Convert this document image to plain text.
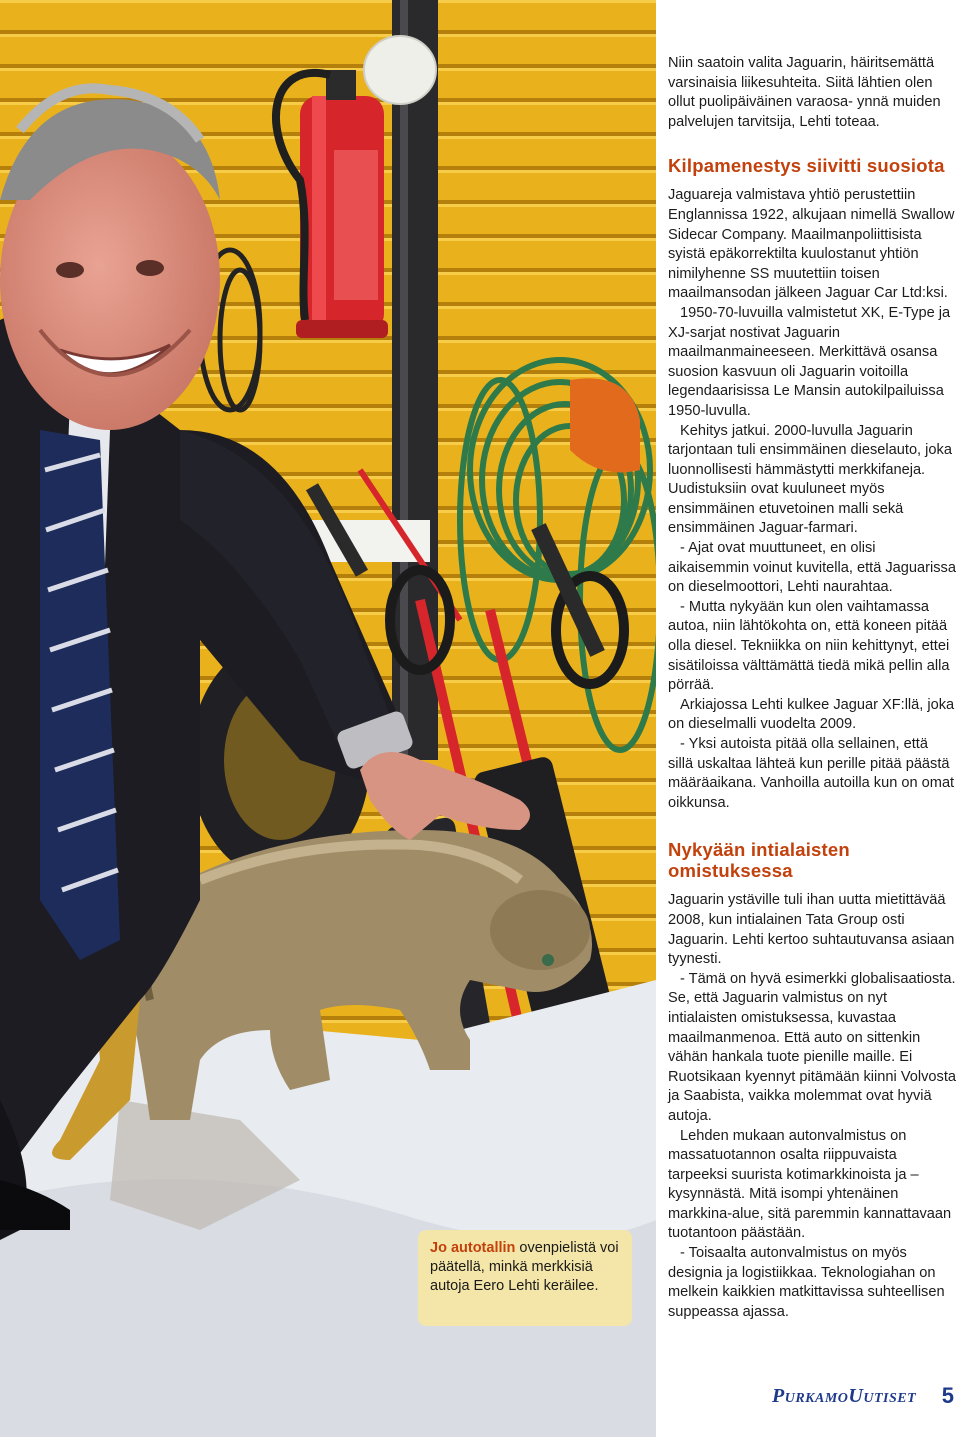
Jo autotallin ovenpielistä voi päätellä, minkä merkkisiä autoja Eero Lehti keräilee.

Niin saatoin valita Jaguarin, häiritsemättä varsinaisia liikesuhteita. Siitä lähtien olen ollut puolipäiväinen varaosa- ynnä muiden palvelujen tarvitsija, Lehti toteaa.

Kilpamenestys siivitti suosiota

Jaguareja valmistava yhtiö perustettiin Englannissa 1922, alkujaan nimellä Swallow Sidecar Company. Maailmanpoliittisista syistä epäkorrektilta kuulostanut yhtiön nimilyhenne SS muutettiin toisen maailmansodan jälkeen Jaguar Car Ltd:ksi.

1950-70-luvuilla valmistetut XK, E-Type ja XJ-sarjat nostivat Jaguarin maailmanmaineeseen. Merkittävä osansa suosion kasvuun oli Jaguarin voitoilla legendaarisissa Le Mansin autokilpailuissa 1950-luvulla.

Kehitys jatkui. 2000-luvulla Jaguarin tarjontaan tuli ensimmäinen dieselauto, joka luonnollisesti hämmästytti merkkifaneja. Uudistuksiin ovat kuuluneet myös ensimmäinen etuvetoinen malli sekä ensimmäinen Jaguar-farmari.

- Ajat ovat muuttuneet, en olisi aikaisemmin voinut kuvitella, että Jaguarissa on dieselmoottori, Lehti naurahtaa.

- Mutta nykyään kun olen vaihtamassa autoa, niin lähtökohta on, että koneen pitää olla diesel. Tekniikka on niin kehittynyt, ettei sisätiloissa välttämättä tiedä mikä pellin alla pörrää.

Arkiajossa Lehti kulkee Jaguar XF:llä, joka on dieselmalli vuodelta 2009.

- Yksi autoista pitää olla sellainen, että sillä uskaltaa lähteä kun perille pitää päästä määräaikana. Vanhoilla autoilla kun on omat oikkunsa.

Nykyään intialaisten omistuksessa

Jaguarin ystäville tuli ihan uutta mietittävää 2008, kun intialainen Tata Group osti Jaguarin. Lehti kertoo suhtautuvansa asiaan tyynesti.

- Tämä on hyvä esimerkki globalisaatiosta. Se, että Jaguarin valmistus on nyt intialaisten omistuksessa, kuvastaa maailmanmenoa. Että auto on sittenkin vähän hankala tuote pienille maille. Ei Ruotsikaan kyennyt pitämään kiinni Volvosta ja Saabista, vaikka molemmat ovat hyviä autoja.

Lehden mukaan autonvalmistus on massatuotannon osalta riippuvaista tarpeeksi suurista kotimarkkinoista ja –kysynnästä. Mitä isompi yhtenäinen markkina-alue, sitä paremmin kannattavaan tuotantoon päästään.

- Toisaalta autonvalmistus on myös designia ja logistiikkaa. Teknologiahan on melkein kaikkien matkittavissa suhteellisen suppeassa ajassa.

PurkamoUutiset 5
